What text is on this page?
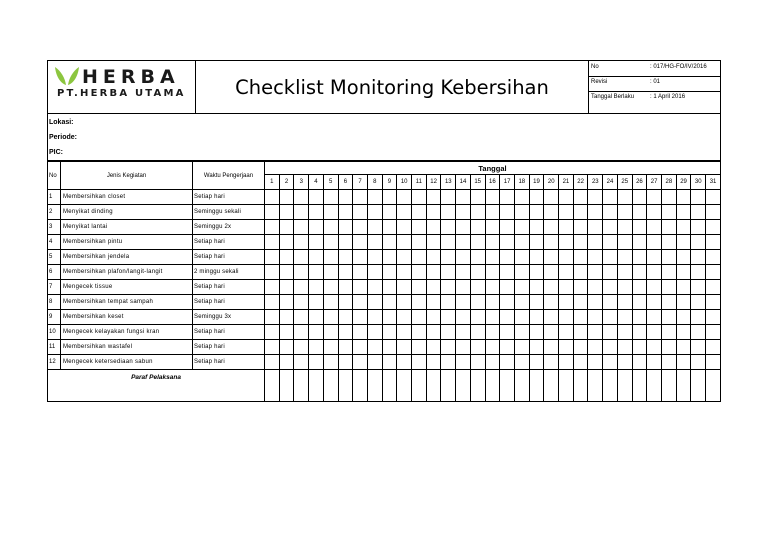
HERBA
PT.HERBA UTAMA	Checklist Monitoring Kebersihan
No	: 017/HG-FO/IV/2016
Revisi	: 01
Tanggal Berlaku	: 1 April 2016
Lokasi:
Periode:
PIC:
No	Jenis Kegiatan	Waktu Pengerjaan	Tanggal																														
			1	2	3	4	5	6	7	8	9	10	11	12	13	14	15	16	17	18	19	20	21	22	23	24	25	26	27	28	29	30	31
1	Membersihkan closet	Setiap hari																															
2	Menyikat dinding	Seminggu sekali																															
3	Menyikat lantai	Seminggu 2x																															
4	Membersihkan pintu	Setiap hari																															
5	Membersihkan jendela	Setiap hari																															
6	Membersihkan plafon/langit-langit	2 minggu sekali																															
7	Mengecek tissue	Setiap hari																															
8	Membersihkan tempat sampah	Setiap hari																															
9	Membersihkan keset	Seminggu 3x																															
10	Mengecek kelayakan fungsi kran	Setiap hari																															
11	Membersihkan wastafel	Setiap hari																															
12	Mengecek ketersediaan sabun	Setiap hari																															
Paraf Pelaksana																																	
